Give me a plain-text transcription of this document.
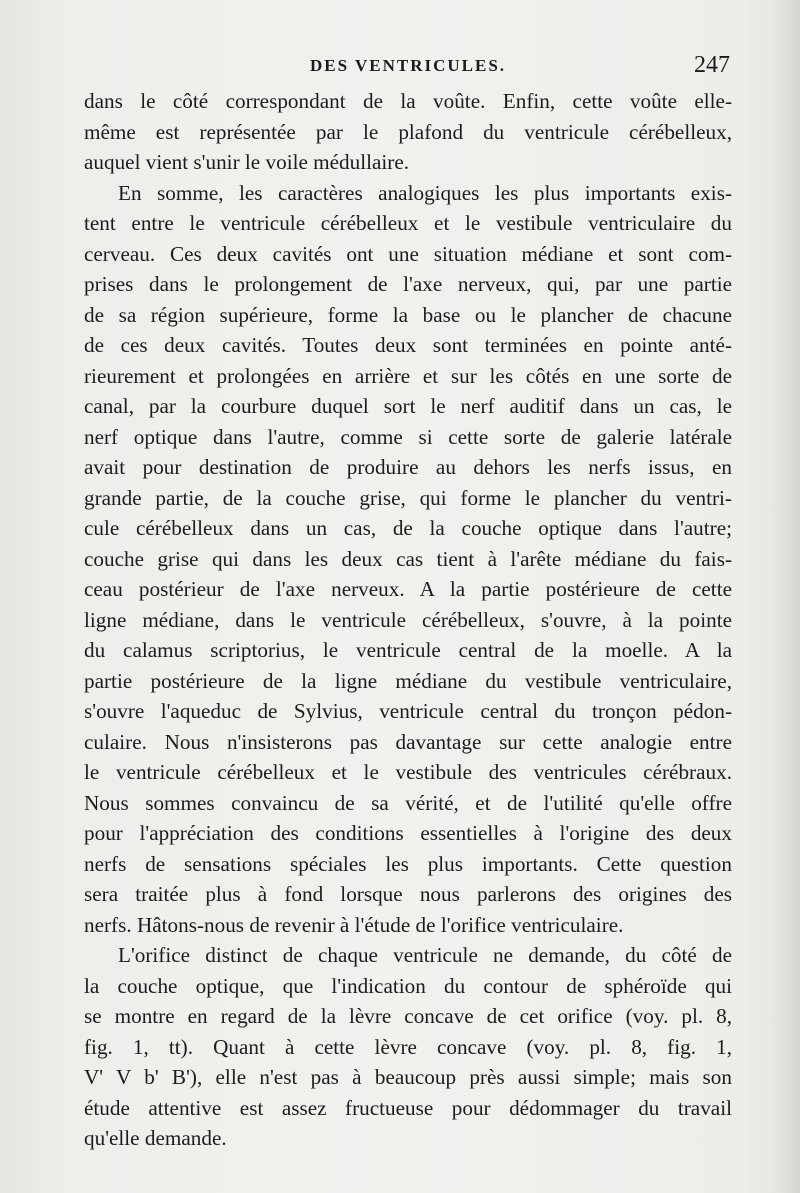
DES VENTRICULES.	247
dans le côté correspondant de la voûte. Enfin, cette voûte elle-
même est représentée par le plafond du ventricule cérébelleux,
auquel vient s'unir le voile médullaire.
En somme, les caractères analogiques les plus importants exis-
tent entre le ventricule cérébelleux et le vestibule ventriculaire du
cerveau. Ces deux cavités ont une situation médiane et sont com-
prises dans le prolongement de l'axe nerveux, qui, par une partie
de sa région supérieure, forme la base ou le plancher de chacune
de ces deux cavités. Toutes deux sont terminées en pointe anté-
rieurement et prolongées en arrière et sur les côtés en une sorte de
canal, par la courbure duquel sort le nerf auditif dans un cas, le
nerf optique dans l'autre, comme si cette sorte de galerie latérale
avait pour destination de produire au dehors les nerfs issus, en
grande partie, de la couche grise, qui forme le plancher du ventri-
cule cérébelleux dans un cas, de la couche optique dans l'autre;
couche grise qui dans les deux cas tient à l'arête médiane du fais-
ceau postérieur de l'axe nerveux. A la partie postérieure de cette
ligne médiane, dans le ventricule cérébelleux, s'ouvre, à la pointe
du calamus scriptorius, le ventricule central de la moelle. A la
partie postérieure de la ligne médiane du vestibule ventriculaire,
s'ouvre l'aqueduc de Sylvius, ventricule central du tronçon pédon-
culaire. Nous n'insisterons pas davantage sur cette analogie entre
le ventricule cérébelleux et le vestibule des ventricules cérébraux.
Nous sommes convaincu de sa vérité, et de l'utilité qu'elle offre
pour l'appréciation des conditions essentielles à l'origine des deux
nerfs de sensations spéciales les plus importants. Cette question
sera traitée plus à fond lorsque nous parlerons des origines des
nerfs. Hâtons-nous de revenir à l'étude de l'orifice ventriculaire.
L'orifice distinct de chaque ventricule ne demande, du côté de
la couche optique, que l'indication du contour de sphéroïde qui
se montre en regard de la lèvre concave de cet orifice (voy. pl. 8,
fig. 1, tt). Quant à cette lèvre concave (voy. pl. 8, fig. 1,
V' V b' B'), elle n'est pas à beaucoup près aussi simple; mais son
étude attentive est assez fructueuse pour dédommager du travail
qu'elle demande.
